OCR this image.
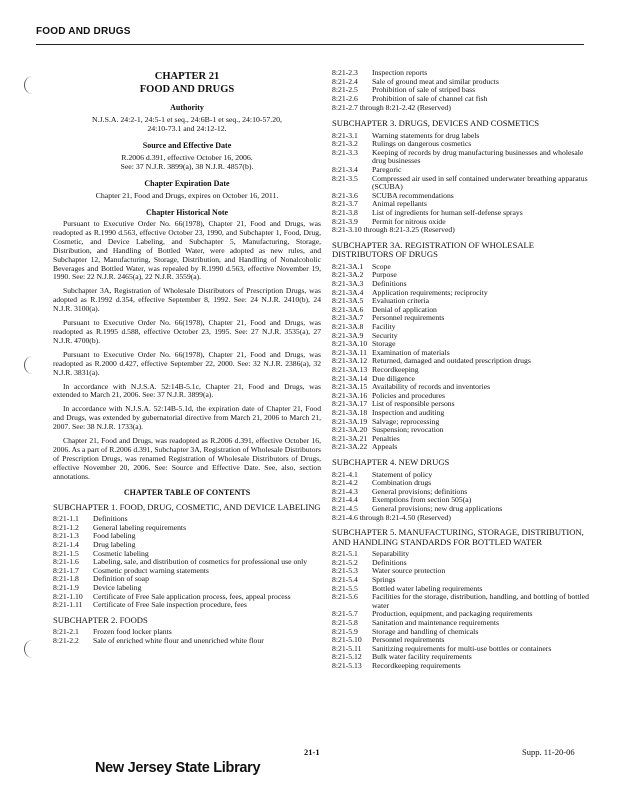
FOOD AND DRUGS
CHAPTER 21
FOOD AND DRUGS
Authority
N.J.S.A. 24:2-1, 24:5-1 et seq., 24:6B-1 et seq., 24:10-57.20, 24:10-73.1 and 24:12-12.
Source and Effective Date
R.2006 d.391, effective October 16, 2006.
See: 37 N.J.R. 3899(a), 38 N.J.R. 4857(b).
Chapter Expiration Date
Chapter 21, Food and Drugs, expires on October 16, 2011.
Chapter Historical Note

Pursuant to Executive Order No. 66(1978), Chapter 21, Food and Drugs, was readopted as R.1990 d.563, effective October 23, 1990, and Subchapter 1, Food, Drug, Cosmetic, and Device Labeling, and Subchapter 5, Manufacturing, Storage, Distribution, and Handling of Bottled Water, were adopted as new rules, and Subchapter 12, Manufacturing, Storage, Distribution, and Handling of Nonalcoholic Beverages and Bottled Water, was repealed by R.1990 d.563, effective November 19, 1990. See: 22 N.J.R. 2465(a), 22 N.J.R. 3559(a).

Subchapter 3A, Registration of Wholesale Distributors of Prescription Drugs, was adopted as R.1992 d.354, effective September 8, 1992. See: 24 N.J.R. 2410(b), 24 N.J.R. 3100(a).

Pursuant to Executive Order No. 66(1978), Chapter 21, Food and Drugs, was readopted as R.1995 d.588, effective October 23, 1995. See: 27 N.J.R. 3535(a), 27 N.J.R. 4700(b).

Pursuant to Executive Order No. 66(1978), Chapter 21, Food and Drugs, was readopted as R.2000 d.427, effective September 22, 2000. See: 32 N.J.R. 2386(a), 32 N.J.R. 3831(a).

In accordance with N.J.S.A. 52:14B-5.1c, Chapter 21, Food and Drugs, was extended to March 21, 2006. See: 37 N.J.R. 3899(a).

In accordance with N.J.S.A. 52:14B-5.1d, the expiration date of Chapter 21, Food and Drugs, was extended by gubernatorial directive from March 21, 2006 to March 21, 2007. See: 38 N.J.R. 1733(a).

Chapter 21, Food and Drugs, was readopted as R.2006 d.391, effective October 16, 2006. As a part of R.2006 d.391, Subchapter 3A, Registration of Wholesale Distributors of Prescription Drugs, was renamed Registration of Wholesale Distributors of Drugs, effective November 20, 2006. See: Source and Effective Date. See, also, section annotations.

CHAPTER TABLE OF CONTENTS
SUBCHAPTER 1. FOOD, DRUG, COSMETIC, AND DEVICE LABELING
8:21-1.1	Definitions
8:21-1.2	General labeling requirements
8:21-1.3	Food labeling
8:21-1.4	Drug labeling
8:21-1.5	Cosmetic labeling
8:21-1.6	Labeling, sale, and distribution of cosmetics for professional use only
8:21-1.7	Cosmetic product warning statements
8:21-1.8	Definition of soap
8:21-1.9	Device labeling
8:21-1.10	Certificate of Free Sale application process, fees, appeal process
8:21-1.11	Certificate of Free Sale inspection procedure, fees
SUBCHAPTER 2. FOODS
8:21-2.1	Frozen food locker plants
8:21-2.2	Sale of enriched white flour and unenriched white flour
8:21-2.3	Inspection reports
8:21-2.4	Sale of ground meat and similar products
8:21-2.5	Prohibition of sale of striped bass
8:21-2.6	Prohibition of sale of channel cat fish
8:21-2.7 through 8:21-2.42 (Reserved)
SUBCHAPTER 3. DRUGS, DEVICES AND COSMETICS
8:21-3.1	Warning statements for drug labels
8:21-3.2	Rulings on dangerous cosmetics
8:21-3.3	Keeping of records by drug manufacturing businesses and wholesale drug businesses
8:21-3.4	Paregoric
8:21-3.5	Compressed air used in self contained underwater breathing apparatus (SCUBA)
8:21-3.6	SCUBA recommendations
8:21-3.7	Animal repellants
8:21-3.8	List of ingredients for human self-defense sprays
8:21-3.9	Permit for nitrous oxide
8:21-3.10 through 8:21-3.25 (Reserved)
SUBCHAPTER 3A. REGISTRATION OF WHOLESALE DISTRIBUTORS OF DRUGS
8:21-3A.1	Scope
8:21-3A.2	Purpose
8:21-3A.3	Definitions
8:21-3A.4	Application requirements; reciprocity
8:21-3A.5	Evaluation criteria
8:21-3A.6	Denial of application
8:21-3A.7	Personnel requirements
8:21-3A.8	Facility
8:21-3A.9	Security
8:21-3A.10	Storage
8:21-3A.11	Examination of materials
8:21-3A.12	Returned, damaged and outdated prescription drugs
8:21-3A.13	Recordkeeping
8:21-3A.14	Due diligence
8:21-3A.15	Availability of records and inventories
8:21-3A.16	Policies and procedures
8:21-3A.17	List of responsible persons
8:21-3A.18	Inspection and auditing
8:21-3A.19	Salvage; reprocessing
8:21-3A.20	Suspension; revocation
8:21-3A.21	Penalties
8:21-3A.22	Appeals
SUBCHAPTER 4. NEW DRUGS
8:21-4.1	Statement of policy
8:21-4.2	Combination drugs
8:21-4.3	General provisions; definitions
8:21-4.4	Exemptions from section 505(a)
8:21-4.5	General provisions; new drug applications
8:21-4.6 through 8:21-4.50 (Reserved)
SUBCHAPTER 5. MANUFACTURING, STORAGE, DISTRIBUTION, AND HANDLING STANDARDS FOR BOTTLED WATER
8:21-5.1	Separability
8:21-5.2	Definitions
8:21-5.3	Water source protection
8:21-5.4	Springs
8:21-5.5	Bottled water labeling requirements
8:21-5.6	Facilities for the storage, distribution, handling, and bottling of bottled water
8:21-5.7	Production, equipment, and packaging requirements
8:21-5.8	Sanitation and maintenance requirements
8:21-5.9	Storage and handling of chemicals
8:21-5.10	Personnel requirements
8:21-5.11	Sanitizing requirements for multi-use bottles or containers
8:21-5.12	Bulk water facility requirements
8:21-5.13	Recordkeeping requirements
21-1	Supp. 11-20-06
New Jersey State Library
